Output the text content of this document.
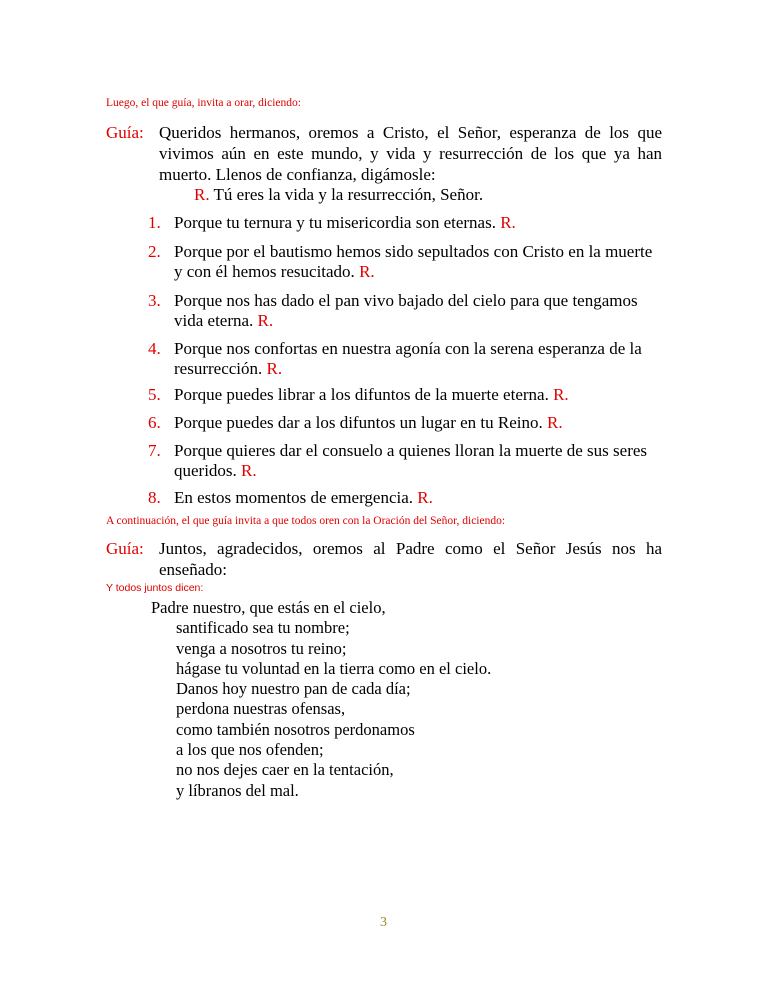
Luego, el que guía, invita a orar, diciendo:
Guía: Queridos hermanos, oremos a Cristo, el Señor, esperanza de los que vivimos aún en este mundo, y vida y resurrección de los que ya han muerto. Llenos de confianza, digámosle:
R. Tú eres la vida y la resurrección, Señor.
1. Porque tu ternura y tu misericordia son eternas. R.
2. Porque por el bautismo hemos sido sepultados con Cristo en la muerte y con él hemos resucitado. R.
3. Porque nos has dado el pan vivo bajado del cielo para que tengamos vida eterna. R.
4. Porque nos confortas en nuestra agonía con la serena esperanza de la resurrección. R.
5. Porque puedes librar a los difuntos de la muerte eterna. R.
6. Porque puedes dar a los difuntos un lugar en tu Reino. R.
7. Porque quieres dar el consuelo a quienes lloran la muerte de sus seres queridos. R.
8. En estos momentos de emergencia. R.
A continuación, el que guía invita a que todos oren con la Oración del Señor, diciendo:
Guía: Juntos, agradecidos, oremos al Padre como el Señor Jesús nos ha enseñado:
Y todos juntos dicen:
Padre nuestro, que estás en el cielo,
santificado sea tu nombre;
venga a nosotros tu reino;
hágase tu voluntad en la tierra como en el cielo.
Danos hoy nuestro pan de cada día;
perdona nuestras ofensas,
como también nosotros perdonamos
a los que nos ofenden;
no nos dejes caer en la tentación,
y líbranos del mal.
3
